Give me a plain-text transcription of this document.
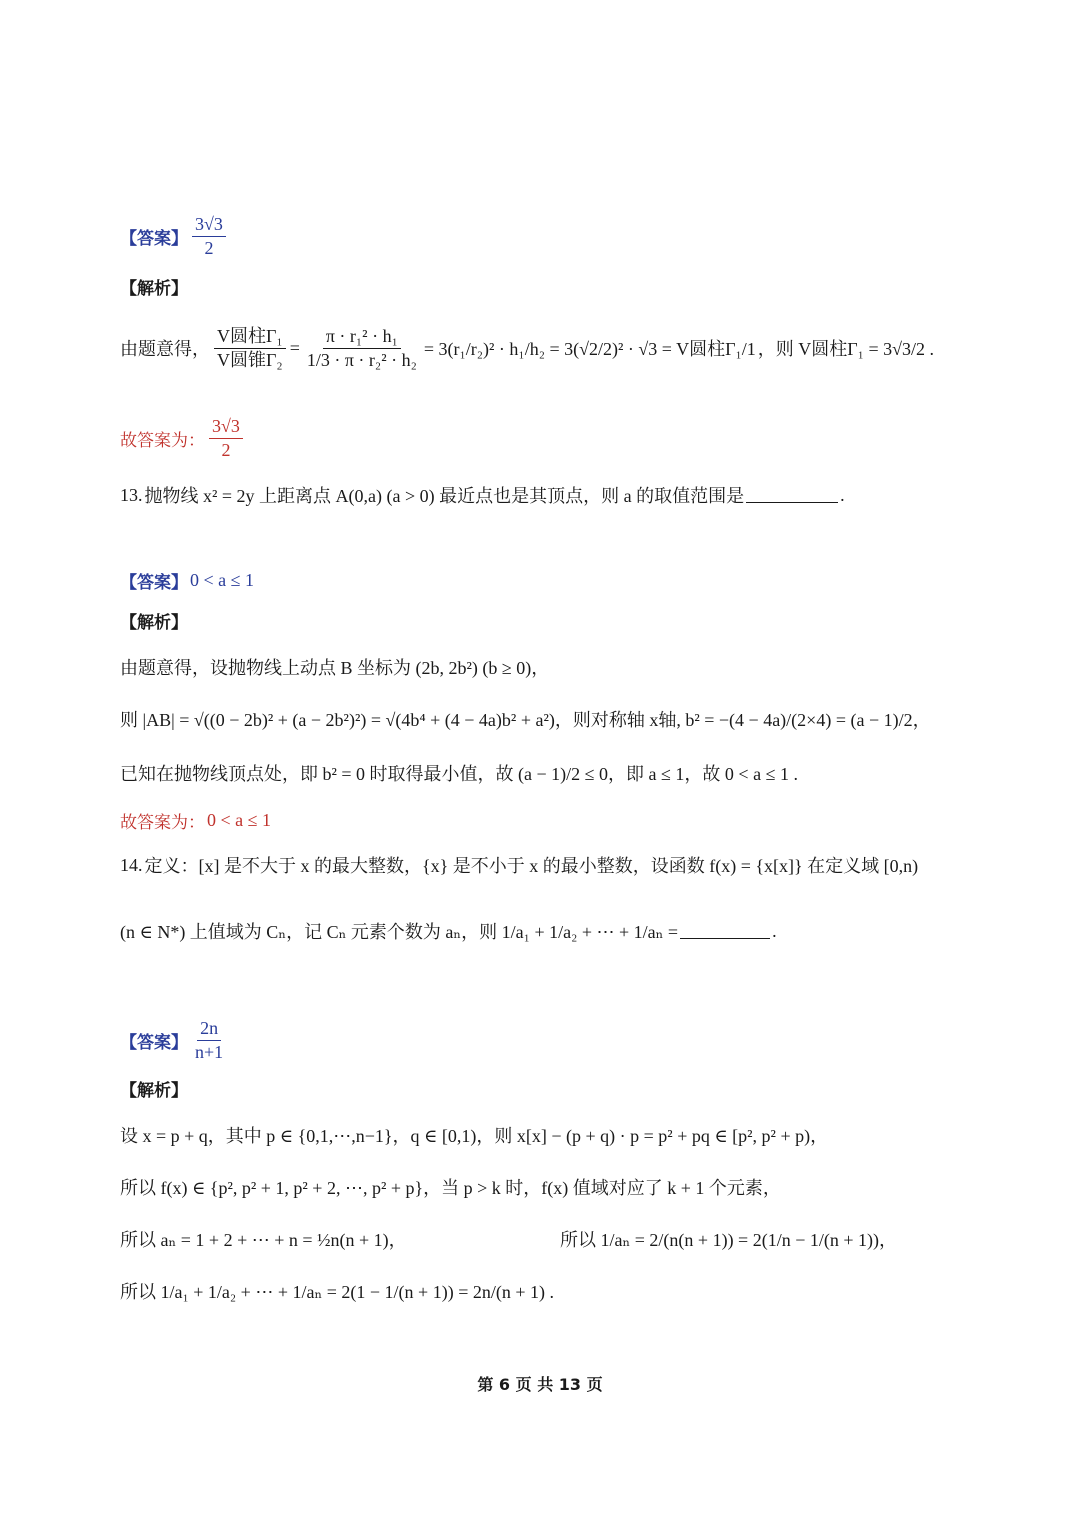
【答案】 $\frac{3√3}{2}$
【解析】
由题意得， $\frac{\text{V圆柱Γ₁}}{\text{V圆锥Γ₂}} = \frac{\text{π · r₁² · h₁}}{\text{1/3 · π · r₂² · h₂}} = 3(r_1/r_2)^2 \cdot h_1/h_2 = 3(√2/2)^2 \cdot √3 = V$圆柱Γ₁/1 ，则 V圆柱Γ₁ = 3√3/2 .
故答案为： $\frac{3√3}{2}$
13. 抛物线 x² = 2y 上距离点 A(0,a) (a > 0) 最近点也是其顶点，则 a 的取值范围是	.
【答案】 0 < a ≤ 1
【解析】
由题意得，设抛物线上动点 B 坐标为 (2b, 2b²) (b ≥ 0)，
则 |AB| = √((0 − 2b)² + (a − 2b²)²) = √(4b⁴ + (4 − 4a)b² + a²)，则对称轴 x轴, b² = −(4 − 4a)/(2×4) = (a − 1)/2，
已知在抛物线顶点处，即 b² = 0 时取得最小值，故 (a − 1)/2 ≤ 0，即 a ≤ 1，故 0 < a ≤ 1 .
故答案为： 0 < a ≤ 1
14. 定义：[x] 是不大于 x 的最大整数，{x} 是不小于 x 的最小整数，设函数 f(x) = {x[x]} 在定义域 [0,n)
(n ∈ N*) 上值域为 Cₙ，记 Cₙ 元素个数为 aₙ，则 1/a₁ + 1/a₂ + ⋯ + 1/aₙ =	.
【答案】 $\frac{2n}{n+1}$
【解析】
设 x = p + q，其中 p ∈ {0,1,⋯,n−1}，q ∈ [0,1)，则 x[x] − (p + q) · p = p² + pq ∈ [p², p² + p)，
所以 f(x) ∈ {p², p² + 1, p² + 2, ⋯, p² + p}，当 p > k 时，f(x) 值域对应了 k + 1 个元素，
所以 aₙ = 1 + 2 + ⋯ + n = ½n(n + 1)，	所以 1/aₙ = 2/(n(n + 1)) = 2(1/n − 1/(n + 1))，
所以 1/a₁ + 1/a₂ + ⋯ + 1/aₙ = 2(1 − 1/(n + 1)) = 2n/(n + 1) .
第 6 页 共 13 页
